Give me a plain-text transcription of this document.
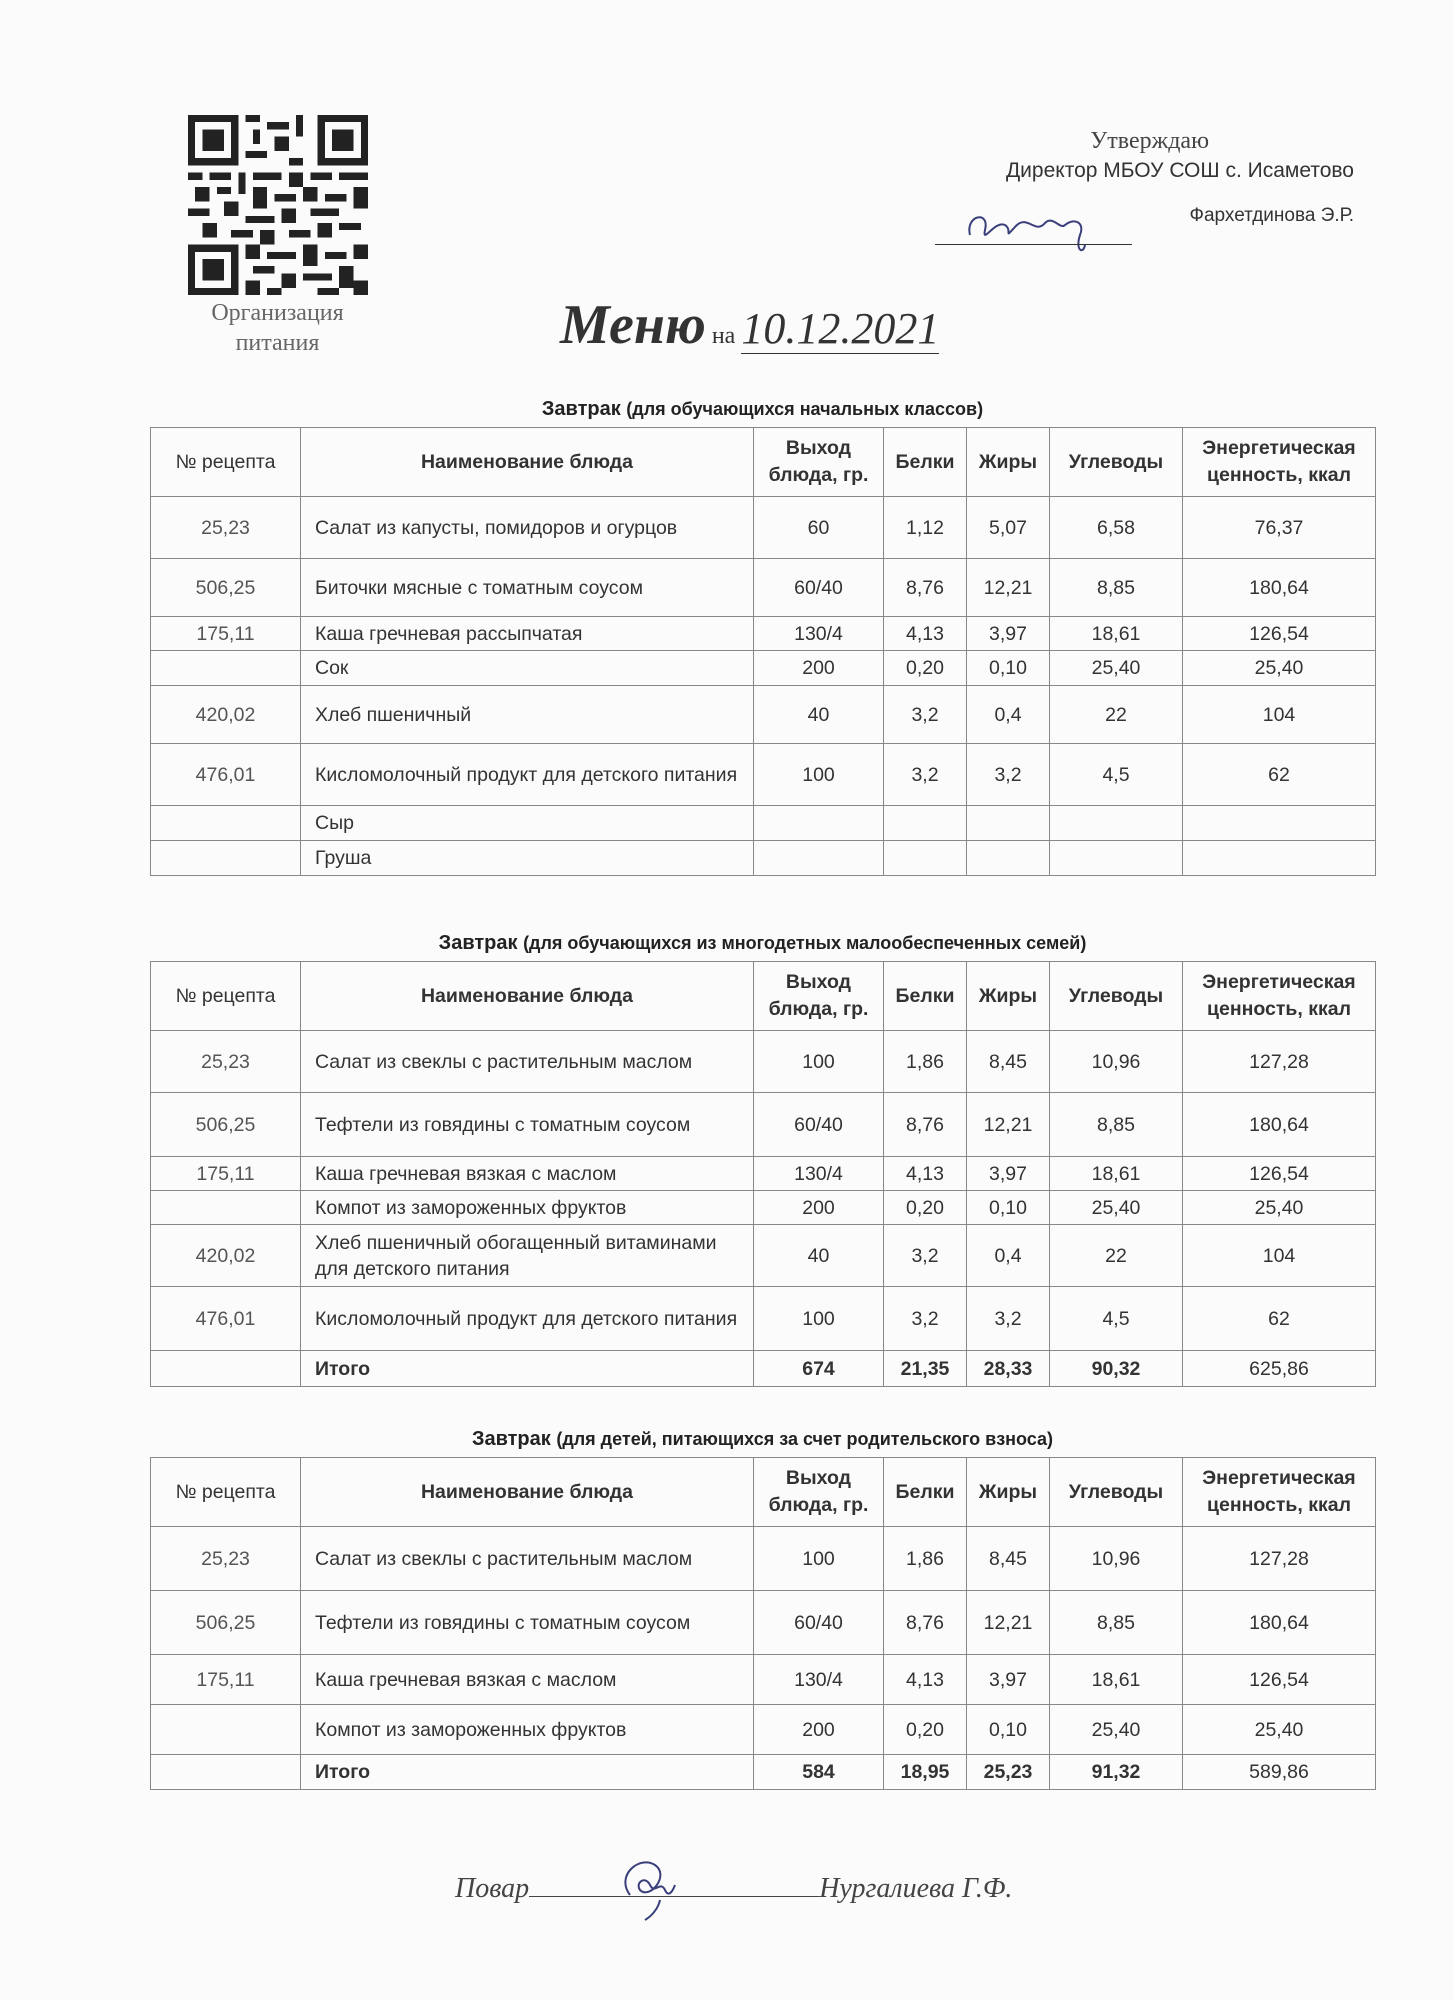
Организация питания
Утверждаю
Директор МБОУ СОШ с. Исаметово
Фархетдинова Э.Р.
Меню на 10.12.2021
Завтрак (для обучающихся начальных классов)
№ рецепта	Наименование блюда	Выход блюда, гр.	Белки	Жиры	Углеводы	Энергетическая ценность, ккал
25,23	Салат из капусты, помидоров и огурцов	60	1,12	5,07	6,58	76,37
506,25	Биточки мясные с томатным соусом	60/40	8,76	12,21	8,85	180,64
175,11	Каша гречневая рассыпчатая	130/4	4,13	3,97	18,61	126,54
	Сок	200	0,20	0,10	25,40	25,40
420,02	Хлеб пшеничный	40	3,2	0,4	22	104
476,01	Кисломолочный продукт для детского питания	100	3,2	3,2	4,5	62
	Сыр					
	Груша					
Завтрак (для обучающихся из многодетных малообеспеченных семей)
№ рецепта	Наименование блюда	Выход блюда, гр.	Белки	Жиры	Углеводы	Энергетическая ценность, ккал
25,23	Салат из свеклы с растительным маслом	100	1,86	8,45	10,96	127,28
506,25	Тефтели из говядины с томатным соусом	60/40	8,76	12,21	8,85	180,64
175,11	Каша гречневая вязкая с маслом	130/4	4,13	3,97	18,61	126,54
	Компот из замороженных фруктов	200	0,20	0,10	25,40	25,40
420,02	Хлеб пшеничный обогащенный витаминами для детского питания	40	3,2	0,4	22	104
476,01	Кисломолочный продукт для детского питания	100	3,2	3,2	4,5	62
	Итого	674	21,35	28,33	90,32	625,86
Завтрак (для детей, питающихся за счет родительского взноса)
№ рецепта	Наименование блюда	Выход блюда, гр.	Белки	Жиры	Углеводы	Энергетическая ценность, ккал
25,23	Салат из свеклы с растительным маслом	100	1,86	8,45	10,96	127,28
506,25	Тефтели из говядины с томатным соусом	60/40	8,76	12,21	8,85	180,64
175,11	Каша гречневая вязкая с маслом	130/4	4,13	3,97	18,61	126,54
	Компот из замороженных фруктов	200	0,20	0,10	25,40	25,40
	Итого	584	18,95	25,23	91,32	589,86
Повар	Нургалиева Г.Ф.
